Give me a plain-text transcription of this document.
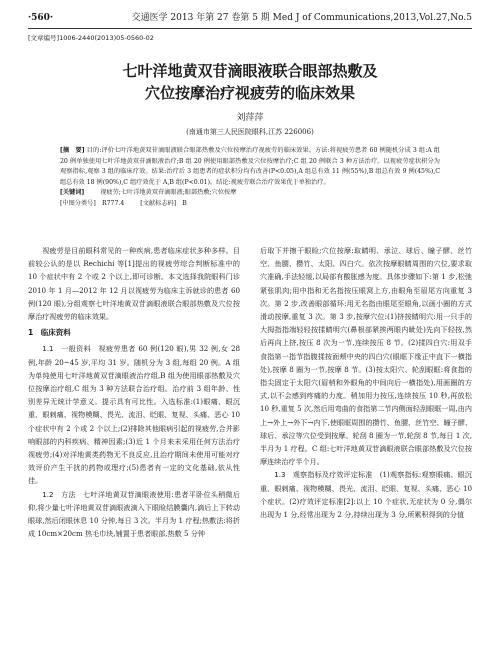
·560·	交通医学 2013 年第 27 卷第 5 期 Med J of Communications,2013,Vol.27,No.5
[文章编号]1006-2440(2013)05-0560-02
七叶洋地黄双苷滴眼液联合眼部热敷及
穴位按摩治疗视疲劳的临床效果
刘萍萍
(南通市第三人民医院眼科,江苏 226006)
[摘　要] 目的:评价七叶洋地黄双苷滴眼液联合眼部热敷及穴位按摩治疗视疲劳的临床效果。方法:将视疲劳患者 60 例随机分成 3 组:A 组 20 例单独使用七叶洋地黄双苷滴眼液治疗;B 组 20 例使用眼部热敷及穴位按摩治疗;C 组 20 例联合 3 种方法治疗。以视疲劳症状积分为观察指标,观察 3 组的临床疗效。结果:治疗后 3 组患者的症状积分均有改善(P<0.05),A 组总有效 11 例(55%),B 组总有效 9 例(45%),C 组总有效 18 例(90%),C 组疗效优于 A,B 组(P<0.01)。结论:视疲劳联合治疗效果优于单独治疗。
[关键词]	视疲劳;七叶洋地黄双苷滴眼液;眼部热敷;穴位按摩
[中图分类号]　R777.4	[文献标志码]　B

视疲劳是目前眼科常见的一种疾病,患者临床症状多种多样。目前较公认的是以 Rechichi 等[1]提出的视疲劳综合判断标准中的 10 个症状中有 2 个或 2 个以上,即可诊断。本文选择我院眼科门诊 2010 年 1 月—2012 年 12 月以视疲劳为临床主诉就诊的患者 60 例(120 眼),分组观察七叶洋地黄双苷滴眼液联合眼部热敷及穴位按摩治疗视疲劳的临床效果。

1　临床资料

1.1　一般资料　 视疲劳患者 60 例(120 眼),男 32 例,女 28 例,年龄 20~45 岁,平均 31 岁。随机分为 3 组,每组 20 例。A 组为单纯使用七叶洋地黄双苷滴眼液治疗组,B 组为使用眼部热敷及穴位按摩治疗组,C 组为 3 种方法联合治疗组。治疗前 3 组年龄、性别差异无统计学意义。提示具有可比性。入选标准:(1)眼痛、眼沉重、眼刺痛、视物模糊、畏光、流泪、眨眼、复视、头痛、恶心 10 个症状中有 2 个或 2 个以上;(2)排除其他眼病引起的视疲劳,合并影响眼部的内科疾病、精神因素;(3)近 1 个月来未采用任何方法治疗视疲劳;(4)对洋地黄类药物无不良反应,且治疗期间未使用可能对疗效评价产生干扰的药物或理疗;(5)患者有一定的文化基础,依从性佳。

1.2　方法　 七叶洋地黄双苷滴眼液使用:患者平卧位头稍微后仰,将少量七叶洋地黄双苷滴眼液滴入下眼睑结膜囊内,滴后上下转动眼球,然后闭眼休息 10 分钟,每日 3 次。半月为 1 疗程;热敷法:将折成 10cm×20cm 热毛巾块,铺置于患者眼部,热敷 5 分钟

后取下并擦干眼睑;穴位按摩:取睛明、承泣、球后、瞳子髎、丝竹空、鱼腰、攒竹、太阳、四白穴。依次按摩眼睛周围的穴位,要求取穴准确,手法轻缓,以局部有酸胀感为度。具体步骤如下:第 1 步,松弛紧张肌肉;用中指和无名指按压眼窝上方,由眼角至眉尾方向重复 3 次。第 2 步,改善眼部循环:用无名指由眼尾至眼角,以画小圈的方式滑动按摩,重复 3 次。第 3 步,按摩穴位:(1)挤按睛明穴:用一只手的大拇指指端轻轻按揉睛明穴(鼻根部紧挨两眼内眦处)先向下轻按,然后再向上挤,按压 8 次为一节,连续按压 8 节。(2)揉四白穴:用双手食指第一指节指腹揉按面颊中央的四白穴(眼眶下缘正中直下一横指处),按摩 8 圈为一节,按摩 8 节。(3)按太阳穴、轮刮眼眶:将食指的指尖固定于太阳穴(眉梢和外眼角的中间向后一横指处),用画圈的方式,以不会感到疼痛的力度。稍加用力按压,连续按压 10 秒,再放松 10 秒,重复 5 次,然后用弯曲的食指第二节内侧面轻刮眼眶一周,由内上→外上→外下→内下,使眼眶周围的攒竹、鱼腰、丝竹空、瞳子髎、球后、承泣等穴位受到按摩。轮刮 8 圈为一节,轮刮 8 节,每日 1 次,半月为 1 疗程。C 组:七叶洋地黄双苷滴眼液联合眼部热敷及穴位按摩连续治疗半个月。

1.3　观察指标及疗效评定标准　 (1)观察指标:观察眼痛、眼沉重、眼刺痛、视物模糊、畏光、流泪、眨眼、复视、头痛、恶心 10 个症状。(2)疗效评定标准[2]:以上 10 个症状,无症状为 0 分,偶尔出现为 1 分,经常出现为 2 分,持续出现为 3 分,所累积得到的分值
